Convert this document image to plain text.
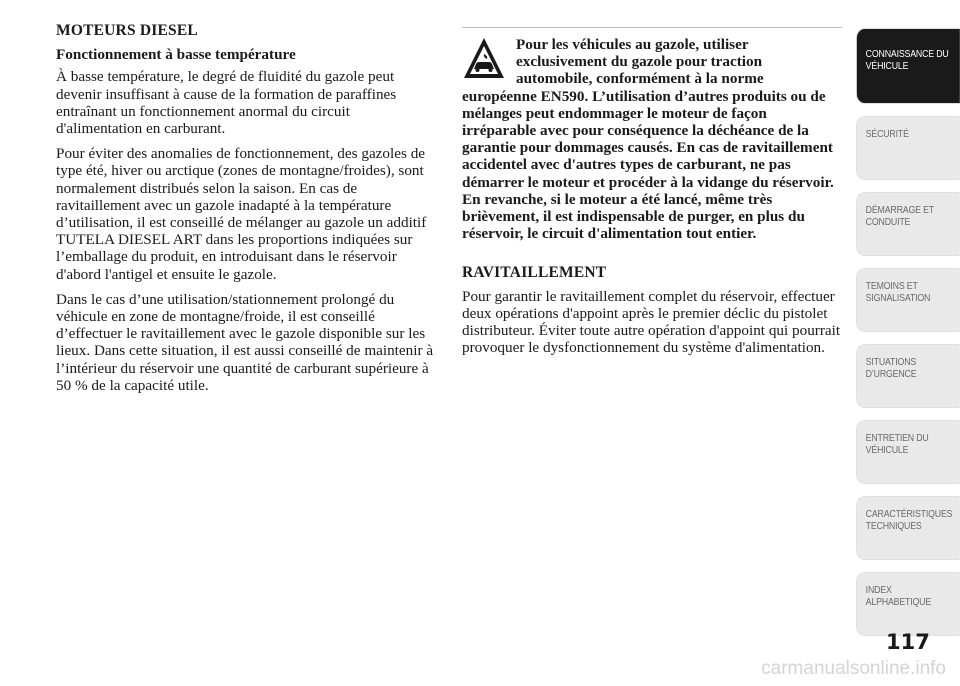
MOTEURS DIESEL
Fonctionnement à basse température

À basse température, le degré de fluidité du gazole peut devenir insuffisant à cause de la formation de paraffines entraînant un fonctionnement anormal du circuit d'alimentation en carburant.

Pour éviter des anomalies de fonctionnement, des gazoles de type été, hiver ou arctique (zones de montagne/froides), sont normalement distribués selon la saison. En cas de ravitaillement avec un gazole inadapté à la température d’utilisation, il est conseillé de mélanger au gazole un additif TUTELA DIESEL ART dans les proportions indiquées sur l’emballage du produit, en introduisant dans le réservoir d'abord l'antigel et ensuite le gazole.

Dans le cas d’une utilisation/stationnement prolongé du véhicule en zone de montagne/froide, il est conseillé d’effectuer le ravitaillement avec le gazole disponible sur les lieux. Dans cette situation, il est aussi conseillé de maintenir à l’intérieur du réservoir une quantité de carburant supérieure à 50 % de la capacité utile.

Pour les véhicules au gazole, utiliser exclusivement du gazole pour traction automobile, conformément à la norme européenne EN590. L’utilisation d’autres produits ou de mélanges peut endommager le moteur de façon irréparable avec pour conséquence la déchéance de la garantie pour dommages causés. En cas de ravitaillement accidentel avec d'autres types de carburant, ne pas démarrer le moteur et procéder à la vidange du réservoir. En revanche, si le moteur a été lancé, même très brièvement, il est indispensable de purger, en plus du réservoir, le circuit d'alimentation tout entier.
RAVITAILLEMENT

Pour garantir le ravitaillement complet du réservoir, effectuer deux opérations d'appoint après le premier déclic du pistolet distributeur. Éviter toute autre opération d'appoint qui pourrait provoquer le dysfonctionnement du système d'alimentation.

CONNAISSANCE DU VÉHICULE
SÉCURITÉ
DÉMARRAGE ET CONDUITE
TEMOINS ET SIGNALISATION
SITUATIONS D’URGENCE
ENTRETIEN DU VÉHICULE
CARACTÉRISTIQUES TECHNIQUES
INDEX ALPHABETIQUE
117
carmanualsonline.info
